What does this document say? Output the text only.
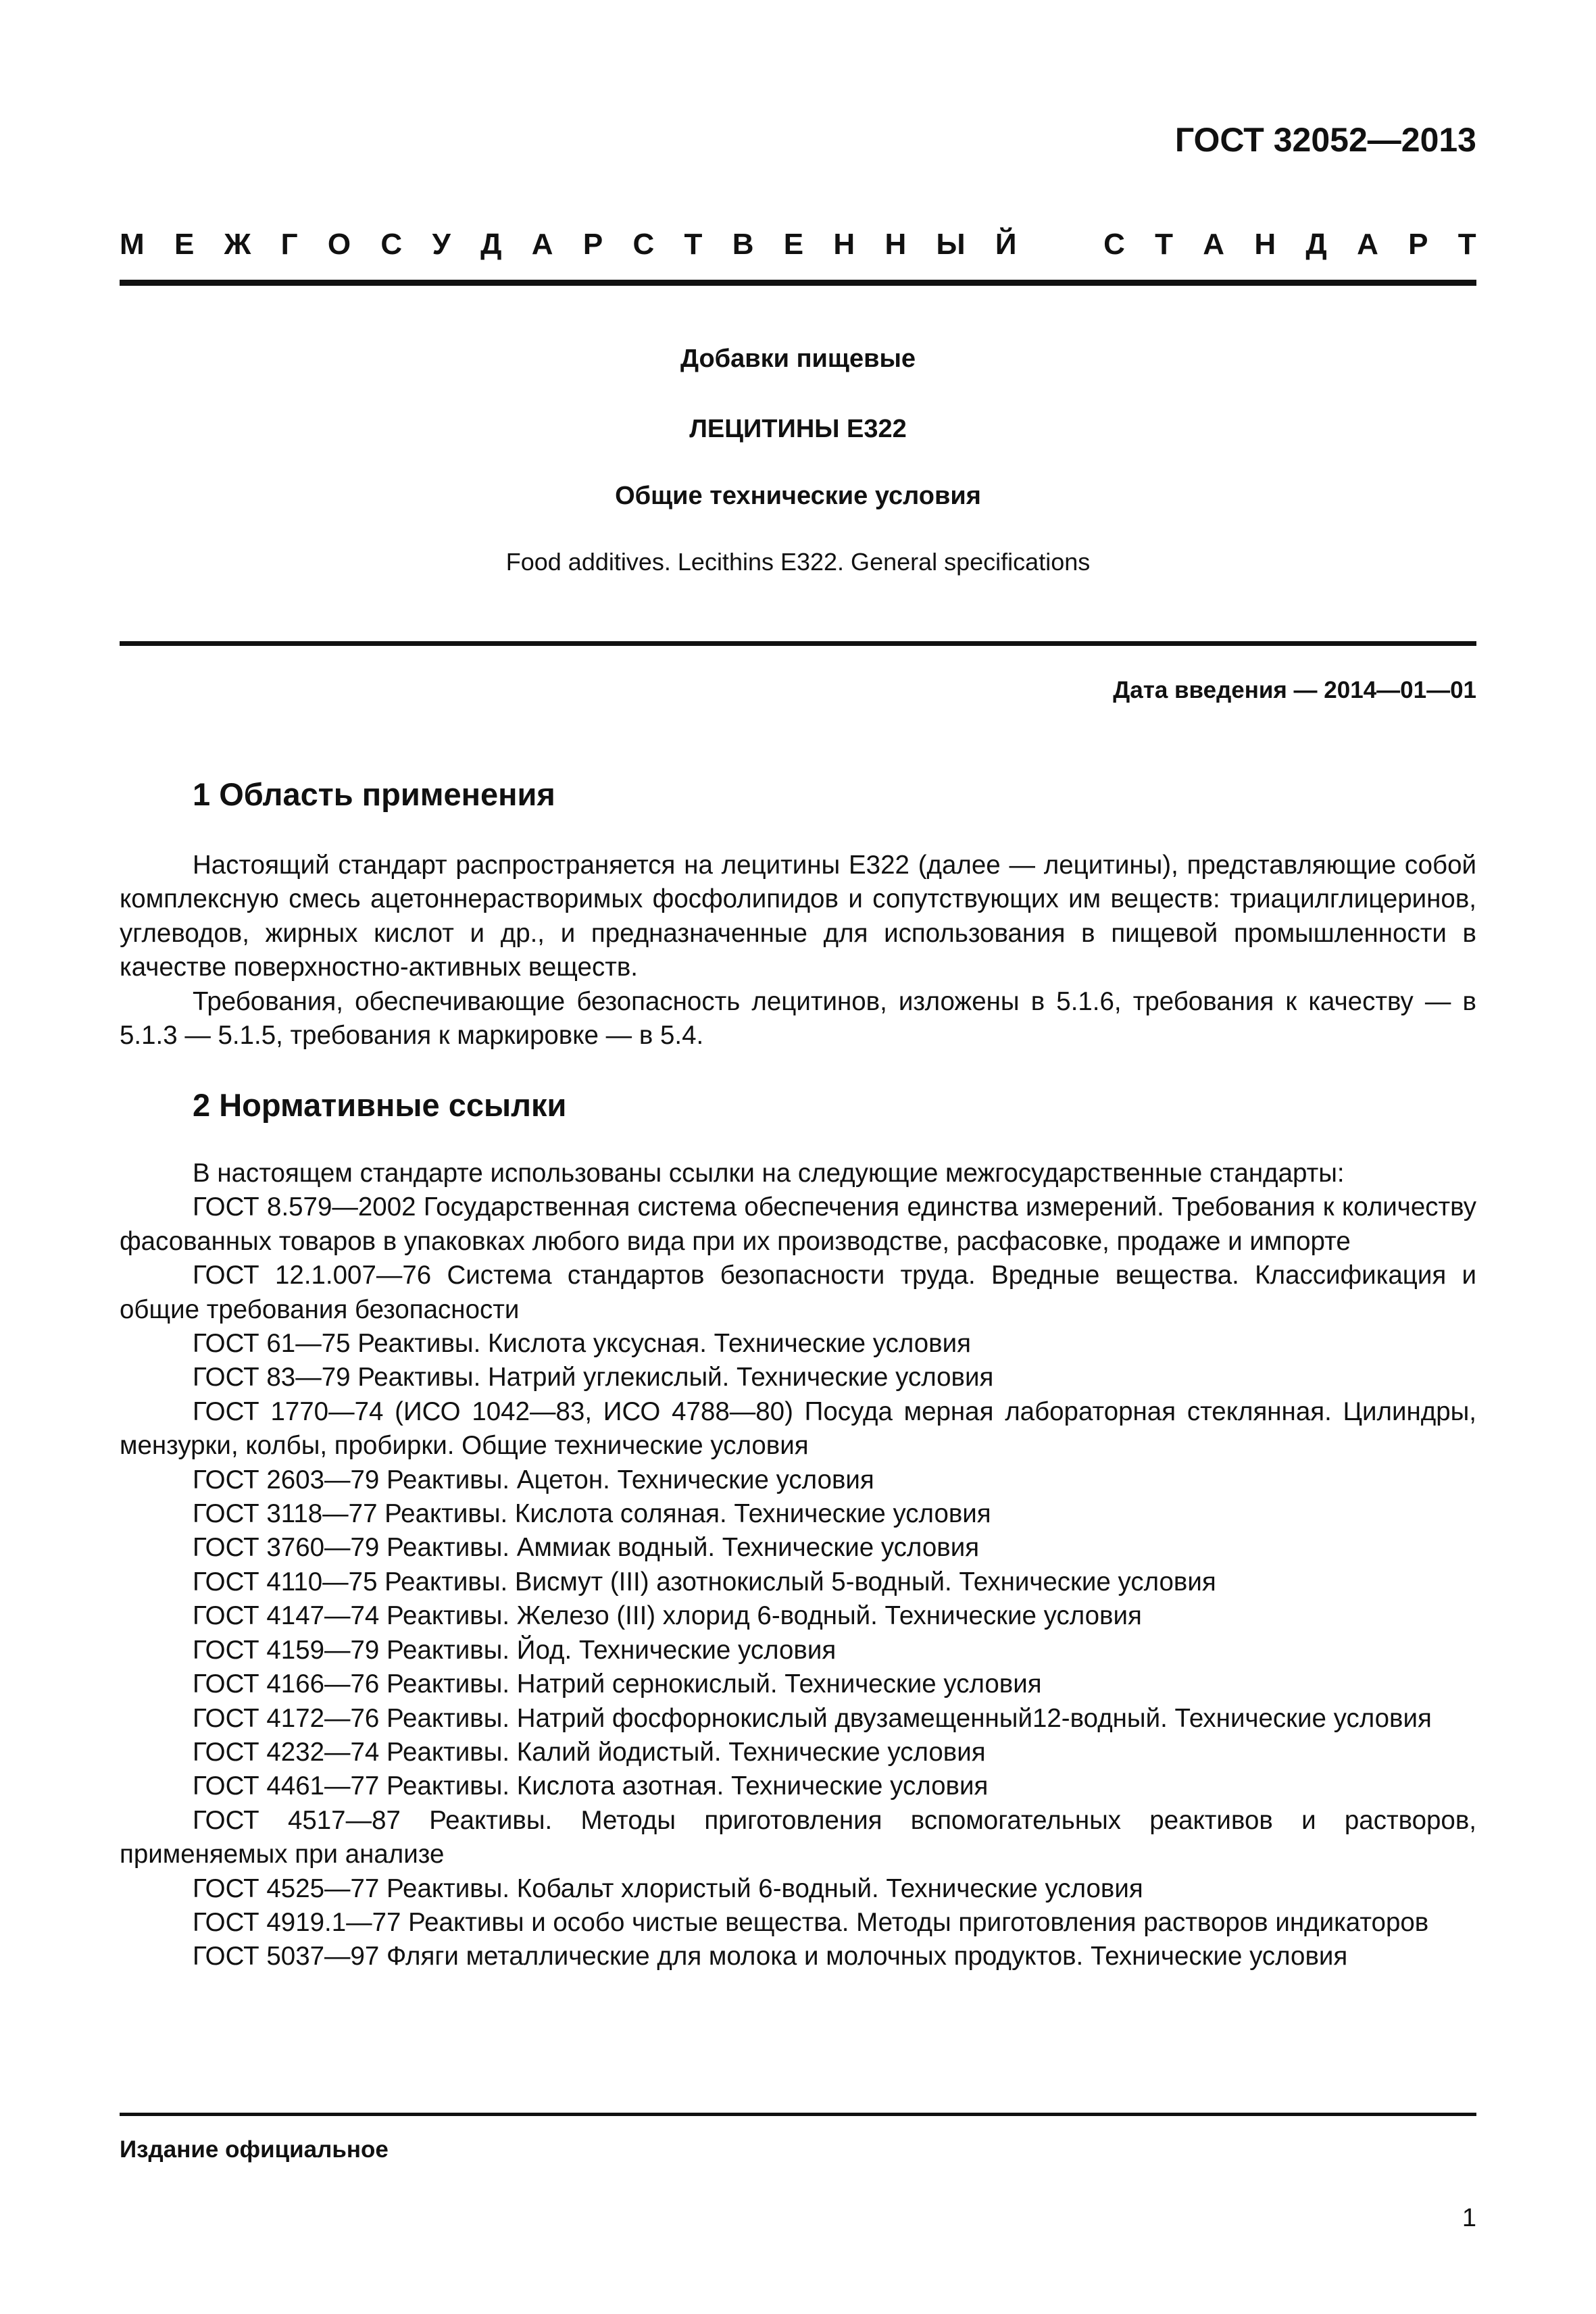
ГОСТ 32052—2013
М Е Ж Г О С У Д А Р С Т В Е Н Н Ы Й	С Т А Н Д А Р Т
Добавки пищевые
ЛЕЦИТИНЫ E322
Общие технические условия
Food additives. Lecithins E322. General specifications
Дата введения — 2014—01—01
1 Область применения

Настоящий стандарт распространяется на лецитины E322 (далее — лецитины), представляющие собой комплексную смесь ацетоннерастворимых фосфолипидов и сопутствующих им веществ: триацилглицеринов, углеводов, жирных кислот и др., и предназначенные для использования в пищевой промышленности в качестве поверхностно-активных веществ.

Требования, обеспечивающие безопасность лецитинов, изложены в 5.1.6, требования к качеству — в 5.1.3 — 5.1.5, требования к маркировке — в 5.4.

2 Нормативные ссылки

В настоящем стандарте использованы ссылки на следующие межгосударственные стандарты:

ГОСТ 8.579—2002 Государственная система обеспечения единства измерений. Требования к количеству фасованных товаров в упаковках любого вида при их производстве, расфасовке, продаже и импорте

ГОСТ 12.1.007—76 Система стандартов безопасности труда. Вредные вещества. Классификация и общие требования безопасности

ГОСТ 61—75 Реактивы. Кислота уксусная. Технические условия

ГОСТ 83—79 Реактивы. Натрий углекислый. Технические условия

ГОСТ 1770—74 (ИСО 1042—83, ИСО 4788—80) Посуда мерная лабораторная стеклянная. Цилиндры, мензурки, колбы, пробирки. Общие технические условия

ГОСТ 2603—79 Реактивы. Ацетон. Технические условия

ГОСТ 3118—77 Реактивы. Кислота соляная. Технические условия

ГОСТ 3760—79 Реактивы. Аммиак водный. Технические условия

ГОСТ 4110—75 Реактивы. Висмут (III) азотнокислый 5-водный. Технические условия

ГОСТ 4147—74 Реактивы. Железо (III) хлорид 6-водный. Технические условия

ГОСТ 4159—79 Реактивы. Йод. Технические условия

ГОСТ 4166—76 Реактивы. Натрий сернокислый. Технические условия

ГОСТ 4172—76 Реактивы. Натрий фосфорнокислый двузамещенный12-водный. Технические условия

ГОСТ 4232—74 Реактивы. Калий йодистый. Технические условия

ГОСТ 4461—77 Реактивы. Кислота азотная. Технические условия

ГОСТ 4517—87 Реактивы. Методы приготовления вспомогательных реактивов и растворов, применяемых при анализе

ГОСТ 4525—77 Реактивы. Кобальт хлористый 6-водный. Технические условия

ГОСТ 4919.1—77 Реактивы и особо чистые вещества. Методы приготовления растворов индикаторов

ГОСТ 5037—97 Фляги металлические для молока и молочных продуктов. Технические условия

Издание официальное
1
